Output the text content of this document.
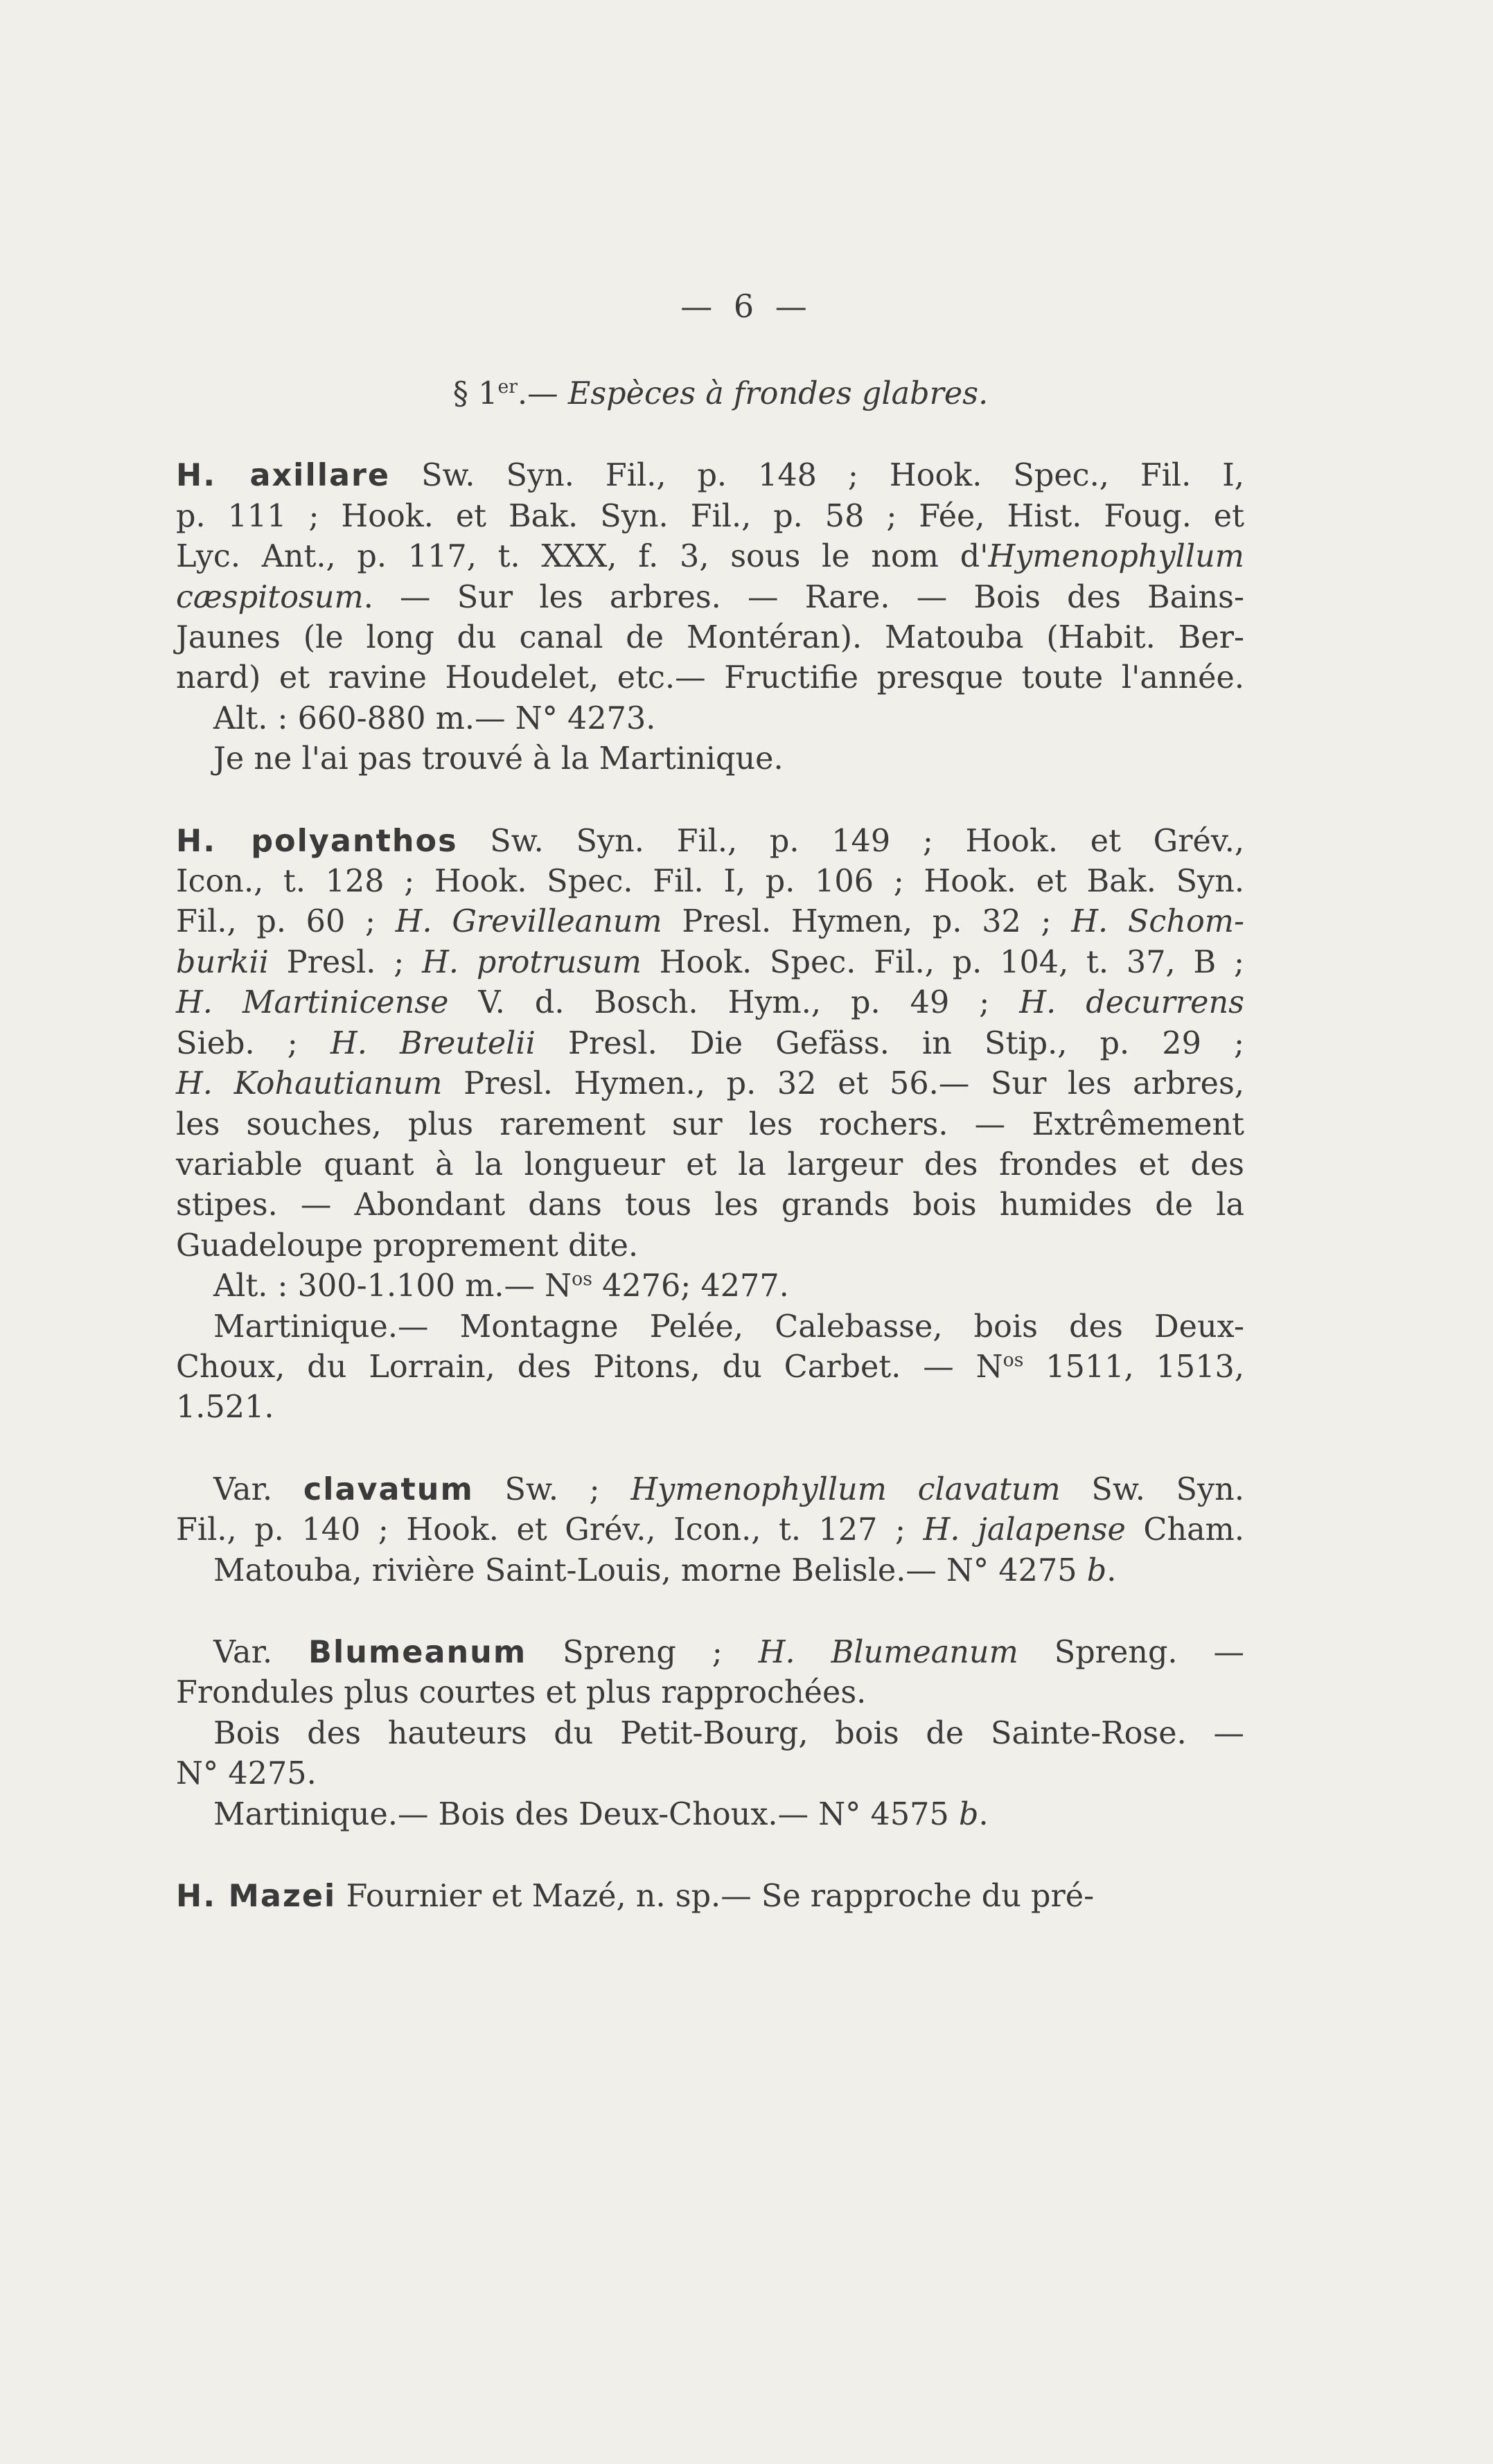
— 6 —
§ 1er.— Espèces à frondes glabres.
H. axillare Sw. Syn. Fil., p. 148 ; Hook. Spec., Fil. I,
p. 111 ; Hook. et Bak. Syn. Fil., p. 58 ; Fée, Hist. Foug. et
Lyc. Ant., p. 117, t. XXX, f. 3, sous le nom d'Hymenophyllum
cæspitosum. — Sur les arbres. — Rare. — Bois des Bains-
Jaunes (le long du canal de Montéran). Matouba (Habit. Ber-
nard) et ravine Houdelet, etc.— Fructifie presque toute l'année.
Alt. : 660-880 m.— N° 4273.
Je ne l'ai pas trouvé à la Martinique.
H. polyanthos Sw. Syn. Fil., p. 149 ; Hook. et Grév.,
Icon., t. 128 ; Hook. Spec. Fil. I, p. 106 ; Hook. et Bak. Syn.
Fil., p. 60 ; H. Grevilleanum Presl. Hymen, p. 32 ; H. Schom-
burkii Presl. ; H. protrusum Hook. Spec. Fil., p. 104, t. 37, B ;
H. Martinicense V. d. Bosch. Hym., p. 49 ; H. decurrens
Sieb. ; H. Breutelii Presl. Die Gefäss. in Stip., p. 29 ;
H. Kohautianum Presl. Hymen., p. 32 et 56.— Sur les arbres,
les souches, plus rarement sur les rochers. — Extrêmement
variable quant à la longueur et la largeur des frondes et des
stipes. — Abondant dans tous les grands bois humides de la
Guadeloupe proprement dite.
Alt. : 300-1.100 m.— $N^{os}$ 4276; 4277.
Martinique.— Montagne Pelée, Calebasse, bois des Deux-
Choux, du Lorrain, des Pitons, du Carbet. — $N^{os}$ 1511, 1513,
1.521.
Var. clavatum Sw. ; Hymenophyllum clavatum Sw. Syn.
Fil., p. 140 ; Hook. et Grév., Icon., t. 127 ; H. jalapense Cham.
Matouba, rivière Saint-Louis, morne Belisle.— N° 4275 b.
Var. Blumeanum Spreng ; H. Blumeanum Spreng. —
Frondules plus courtes et plus rapprochées.
Bois des hauteurs du Petit-Bourg, bois de Sainte-Rose. —
N° 4275.
Martinique.— Bois des Deux-Choux.— N° 4575 b.
H. Mazei Fournier et Mazé, n. sp.— Se rapproche du pré-
